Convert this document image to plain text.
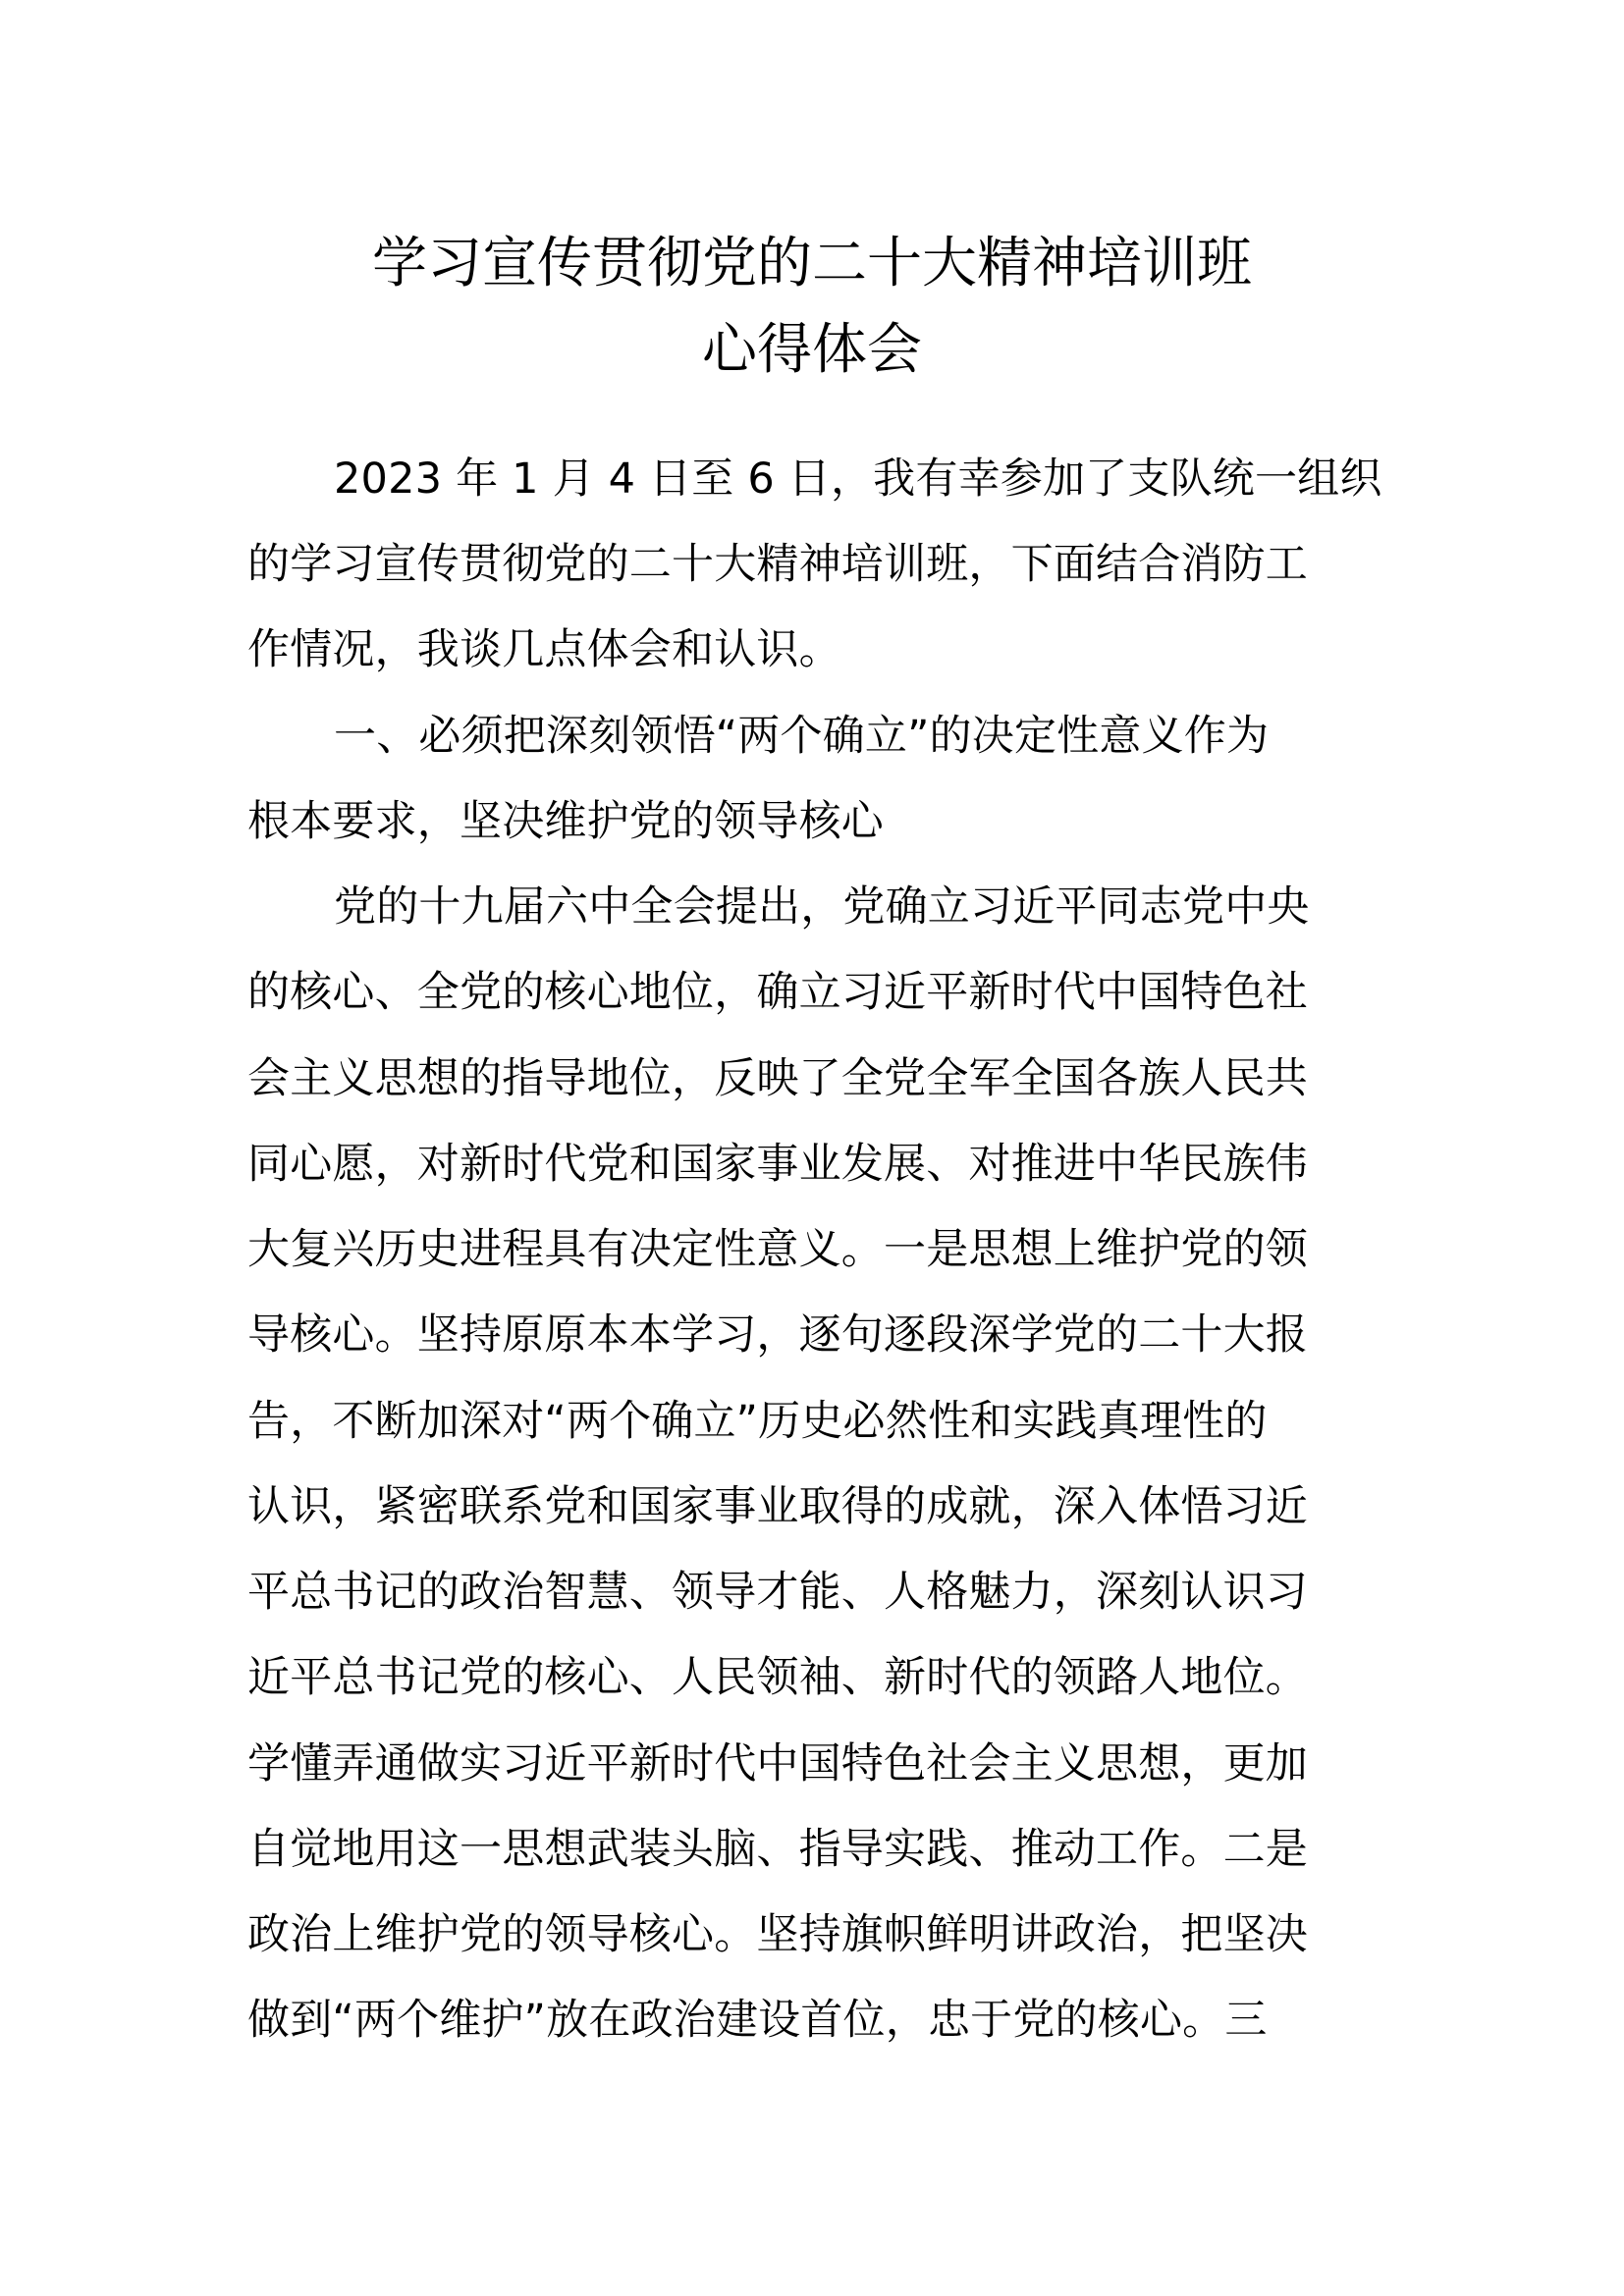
学习宣传贯彻党的二十大精神培训班
心得体会
2023 年 1 月 4 日至 6 日，我有幸参加了支队统一组织
的学习宣传贯彻党的二十大精神培训班，下面结合消防工
作情况，我谈几点体会和认识。
一、必须把深刻领悟“两个确立”的决定性意义作为
根本要求，坚决维护党的领导核心
党的十九届六中全会提出，党确立习近平同志党中央
的核心、全党的核心地位，确立习近平新时代中国特色社
会主义思想的指导地位，反映了全党全军全国各族人民共
同心愿，对新时代党和国家事业发展、对推进中华民族伟
大复兴历史进程具有决定性意义。一是思想上维护党的领
导核心。坚持原原本本学习，逐句逐段深学党的二十大报
告，不断加深对“两个确立”历史必然性和实践真理性的
认识，紧密联系党和国家事业取得的成就，深入体悟习近
平总书记的政治智慧、领导才能、人格魅力，深刻认识习
近平总书记党的核心、人民领袖、新时代的领路人地位。
学懂弄通做实习近平新时代中国特色社会主义思想，更加
自觉地用这一思想武装头脑、指导实践、推动工作。二是
政治上维护党的领导核心。坚持旗帜鲜明讲政治，把坚决
做到“两个维护”放在政治建设首位，忠于党的核心。三
